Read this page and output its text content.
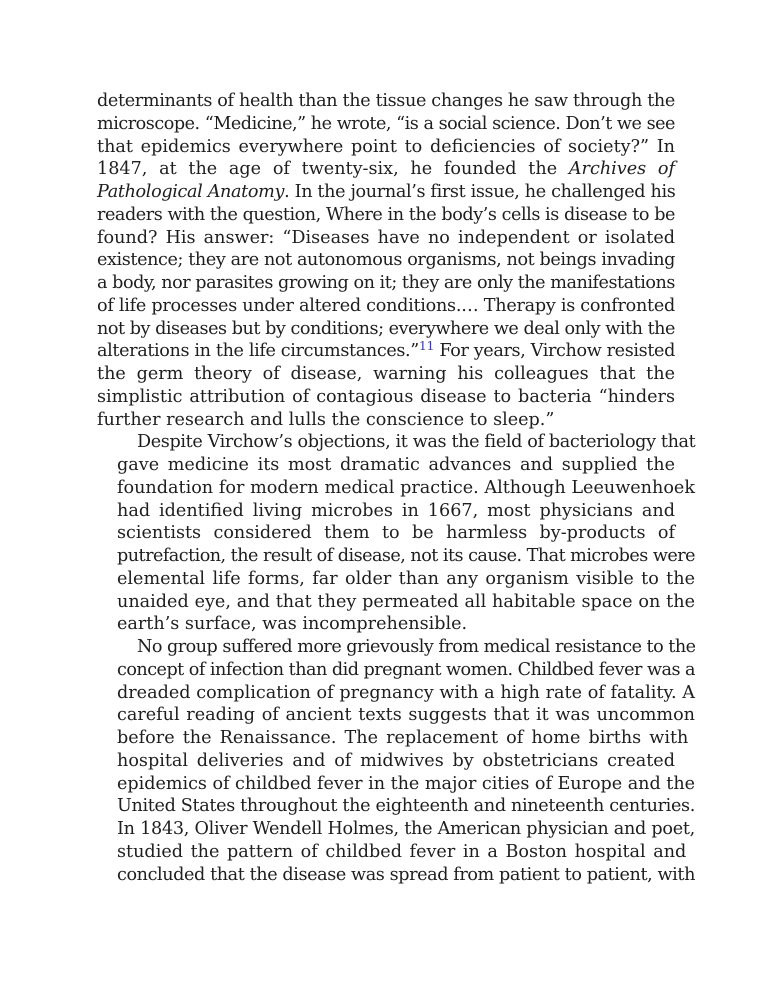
determinants of health than the tissue changes he saw through the
microscope. “Medicine,” he wrote, “is a social science. Don’t we see
that epidemics everywhere point to deficiencies of society?” In
1847, at the age of twenty-six, he founded the Archives of
Pathological Anatomy. In the journal’s first issue, he challenged his
readers with the question, Where in the body’s cells is disease to be
found? His answer: “Diseases have no independent or isolated
existence; they are not autonomous organisms, not beings invading
a body, nor parasites growing on it; they are only the manifestations
of life processes under altered conditions.… Therapy is confronted
not by diseases but by conditions; everywhere we deal only with the
alterations in the life circumstances.”$^{11}$ For years, Virchow resisted
the germ theory of disease, warning his colleagues that the
simplistic attribution of contagious disease to bacteria “hinders
further research and lulls the conscience to sleep.”
Despite Virchow’s objections, it was the field of bacteriology that
gave medicine its most dramatic advances and supplied the
foundation for modern medical practice. Although Leeuwenhoek
had identified living microbes in 1667, most physicians and
scientists considered them to be harmless by-products of
putrefaction, the result of disease, not its cause. That microbes were
elemental life forms, far older than any organism visible to the
unaided eye, and that they permeated all habitable space on the
earth’s surface, was incomprehensible.
No group suffered more grievously from medical resistance to the
concept of infection than did pregnant women. Childbed fever was a
dreaded complication of pregnancy with a high rate of fatality. A
careful reading of ancient texts suggests that it was uncommon
before the Renaissance. The replacement of home births with
hospital deliveries and of midwives by obstetricians created
epidemics of childbed fever in the major cities of Europe and the
United States throughout the eighteenth and nineteenth centuries.
In 1843, Oliver Wendell Holmes, the American physician and poet,
studied the pattern of childbed fever in a Boston hospital and
concluded that the disease was spread from patient to patient, with
